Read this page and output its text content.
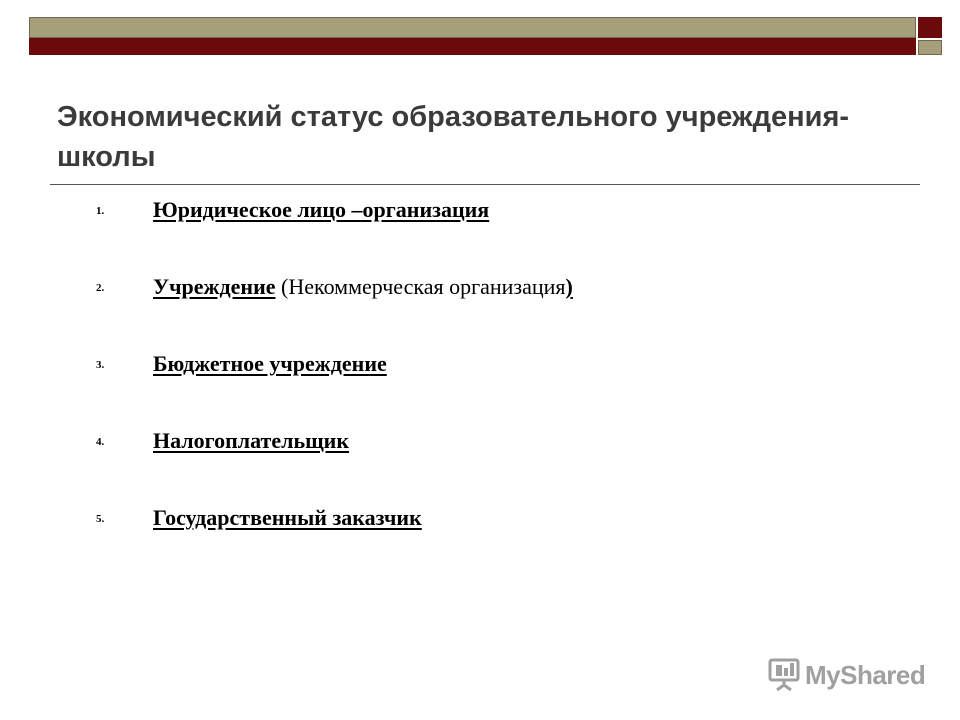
Экономический статус образовательного учреждения-школы
1. Юридическое лицо –организация
2. Учреждение (Некоммерческая организация)
3. Бюджетное учреждение
4. Налогоплательщик
5. Государственный заказчик
MyShared
